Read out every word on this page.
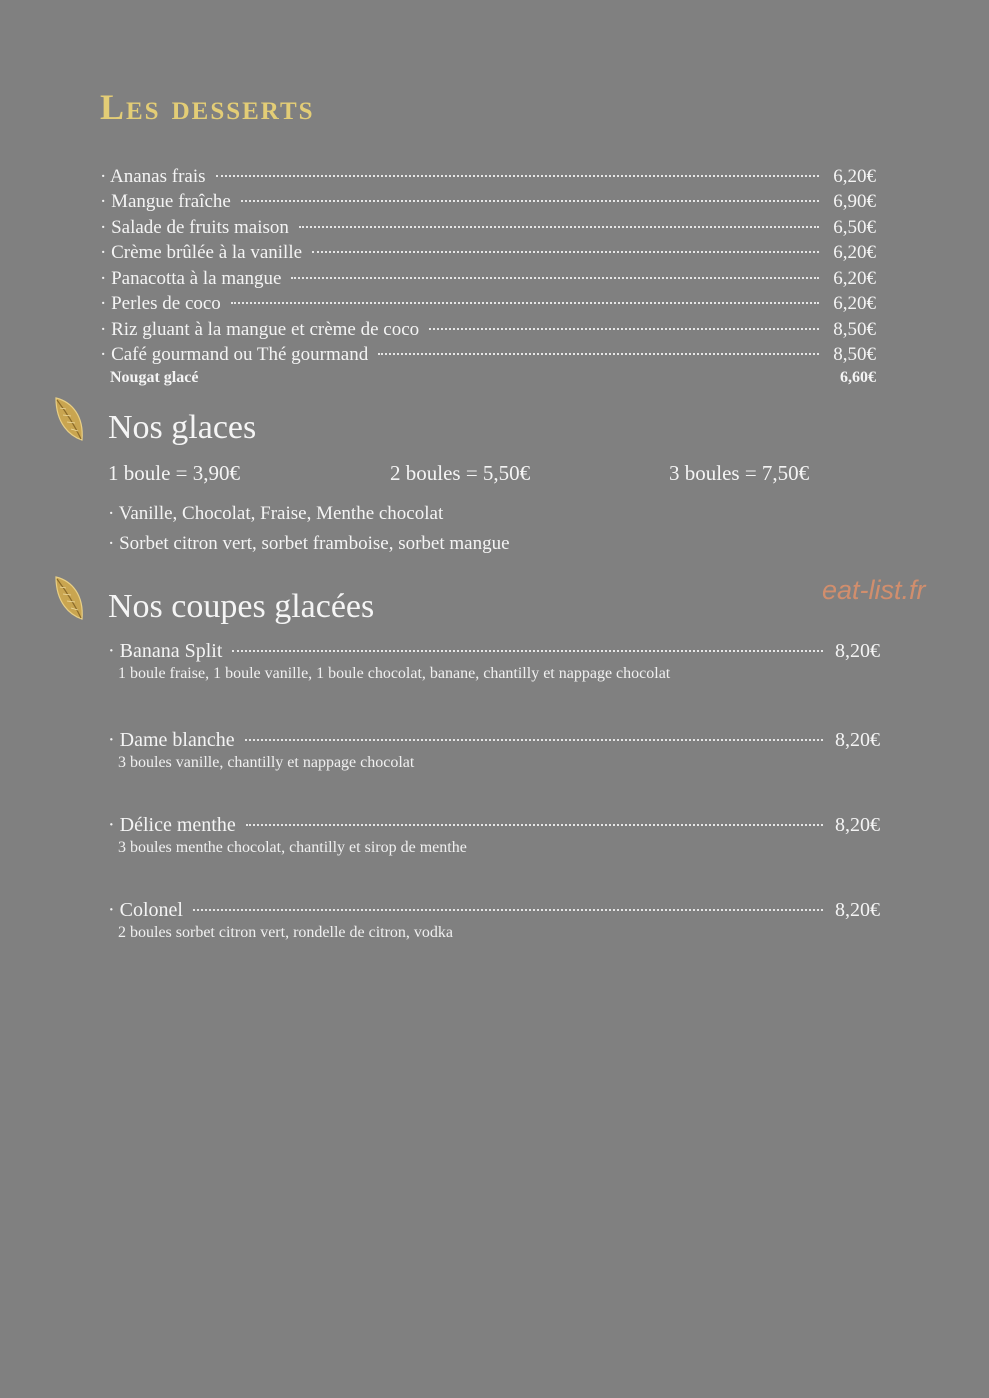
Les desserts
· Ananas frais	6,20€
· Mangue fraîche	6,90€
· Salade de fruits maison	6,50€
· Crème brûlée à la vanille	6,20€
· Panacotta à la mangue	6,20€
· Perles de coco	6,20€
· Riz gluant à la mangue et crème de coco	8,50€
· Café gourmand ou Thé gourmand	8,50€
Nougat glacé	6,60€
Nos glaces
1 boule = 3,90€	2 boules = 5,50€	3 boules = 7,50€
· Vanille, Chocolat, Fraise, Menthe chocolat
· Sorbet citron vert, sorbet framboise, sorbet mangue
Nos coupes glacées	eat-list.fr
· Banana Split	8,20€
1 boule fraise, 1 boule vanille, 1 boule chocolat, banane, chantilly et nappage chocolat
· Dame blanche	8,20€
3 boules vanille, chantilly et nappage chocolat
· Délice menthe	8,20€
3 boules menthe chocolat, chantilly et sirop de menthe
· Colonel	8,20€
2 boules sorbet citron vert, rondelle de citron, vodka
